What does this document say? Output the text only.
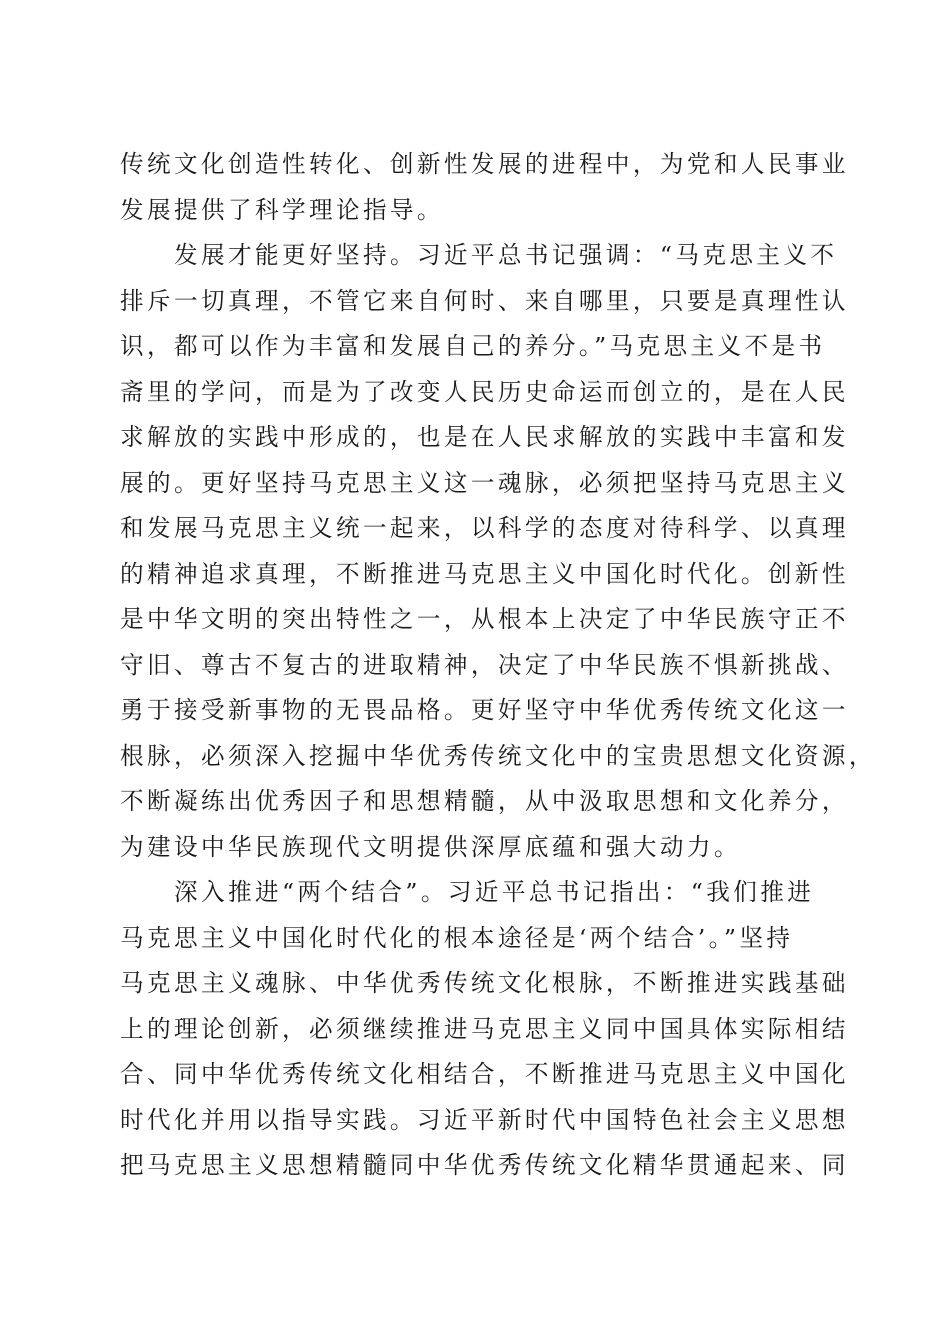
传统文化创造性转化、创新性发展的进程中，为党和人民事业
发展提供了科学理论指导。
发展才能更好坚持。习近平总书记强调：“马克思主义不
排斥一切真理，不管它来自何时、来自哪里，只要是真理性认
识，都可以作为丰富和发展自己的养分。”马克思主义不是书
斋里的学问，而是为了改变人民历史命运而创立的，是在人民
求解放的实践中形成的，也是在人民求解放的实践中丰富和发
展的。更好坚持马克思主义这一魂脉，必须把坚持马克思主义
和发展马克思主义统一起来，以科学的态度对待科学、以真理
的精神追求真理，不断推进马克思主义中国化时代化。创新性
是中华文明的突出特性之一，从根本上决定了中华民族守正不
守旧、尊古不复古的进取精神，决定了中华民族不惧新挑战、
勇于接受新事物的无畏品格。更好坚守中华优秀传统文化这一
根脉，必须深入挖掘中华优秀传统文化中的宝贵思想文化资源，
不断凝练出优秀因子和思想精髓，从中汲取思想和文化养分，
为建设中华民族现代文明提供深厚底蕴和强大动力。
深入推进“两个结合”。习近平总书记指出：“我们推进
马克思主义中国化时代化的根本途径是‘两个结合’。”坚持
马克思主义魂脉、中华优秀传统文化根脉，不断推进实践基础
上的理论创新，必须继续推进马克思主义同中国具体实际相结
合、同中华优秀传统文化相结合，不断推进马克思主义中国化
时代化并用以指导实践。习近平新时代中国特色社会主义思想
把马克思主义思想精髓同中华优秀传统文化精华贯通起来、同
